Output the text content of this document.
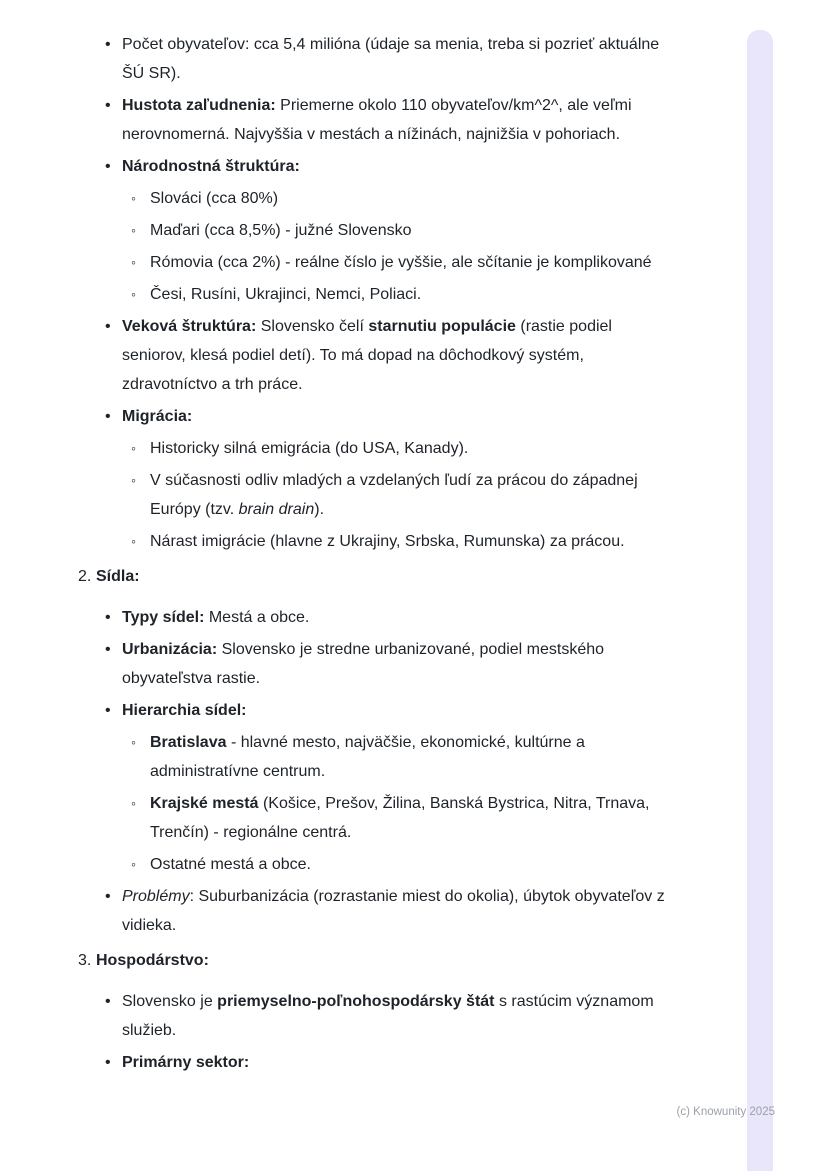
• Počet obyvateľov: cca 5,4 milióna (údaje sa menia, treba si pozrieť aktuálne ŠÚ SR).
• Hustota zaľudnenia: Priemerne okolo 110 obyvateľov/km^2^, ale veľmi nerovnomerná. Najvyššia v mestách a nížinách, najnižšia v pohoriach.
• Národnostná štruktúra:
◦ Slováci (cca 80%)
◦ Maďari (cca 8,5%) - južné Slovensko
◦ Rómovia (cca 2%) - reálne číslo je vyššie, ale sčítanie je komplikované
◦ Česi, Rusíni, Ukrajinci, Nemci, Poliaci.
• Veková štruktúra: Slovensko čelí starnutiu populácie (rastie podiel seniorov, klesá podiel detí). To má dopad na dôchodkový systém, zdravotníctvo a trh práce.
• Migrácia:
◦ Historicky silná emigrácia (do USA, Kanady).
◦ V súčasnosti odliv mladých a vzdelaných ľudí za prácou do západnej Európy (tzv. brain drain).
◦ Nárast imigrácie (hlavne z Ukrajiny, Srbska, Rumunska) za prácou.
2. Sídla:
• Typy sídel: Mestá a obce.
• Urbanizácia: Slovensko je stredne urbanizované, podiel mestského obyvateľstva rastie.
• Hierarchia sídel:
◦ Bratislava - hlavné mesto, najväčšie, ekonomické, kultúrne a administratívne centrum.
◦ Krajské mestá (Košice, Prešov, Žilina, Banská Bystrica, Nitra, Trnava, Trenčín) - regionálne centrá.
◦ Ostatné mestá a obce.
• Problémy: Suburbanizácia (rozrastanie miest do okolia), úbytok obyvateľov z vidieka.
3. Hospodárstvo:
• Slovensko je priemyselno-poľnohospodársky štát s rastúcim významom služieb.
• Primárny sektor:
(c) Knowunity 2025
